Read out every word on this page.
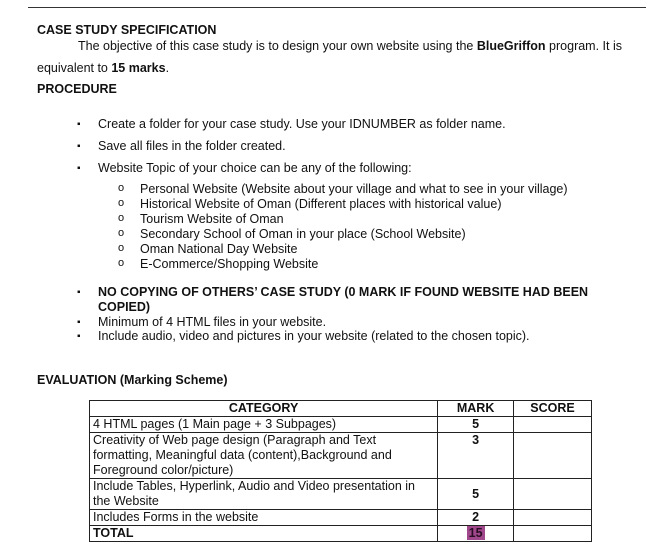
CASE STUDY SPECIFICATION
The objective of this case study is to design your own website using the BlueGriffon program. It is
equivalent to 15 marks.
PROCEDURE
▪ Create a folder for your case study. Use your IDNUMBER as folder name.
▪ Save all files in the folder created.
▪ Website Topic of your choice can be any of the following:
o Personal Website (Website about your village and what to see in your village)
o Historical Website of Oman (Different places with historical value)
o Tourism Website of Oman
o Secondary School of Oman in your place (School Website)
o Oman National Day Website
o E-Commerce/Shopping Website
▪ NO COPYING OF OTHERS’ CASE STUDY (0 MARK IF FOUND WEBSITE HAD BEEN
COPIED)
▪ Minimum of 4 HTML files in your website.
▪ Include audio, video and pictures in your website (related to the chosen topic).
EVALUATION (Marking Scheme)
CATEGORY	MARK	SCORE

4 HTML pages (1 Main page + 3 Subpages)	5	

Creativity of Web page design (Paragraph and Text
formatting, Meaningful data (content),Background and
Foreground color/picture)	3	

Include Tables, Hyperlink, Audio and Video presentation in
the Website	5	

Includes Forms in the website	2	
TOTAL	15	
